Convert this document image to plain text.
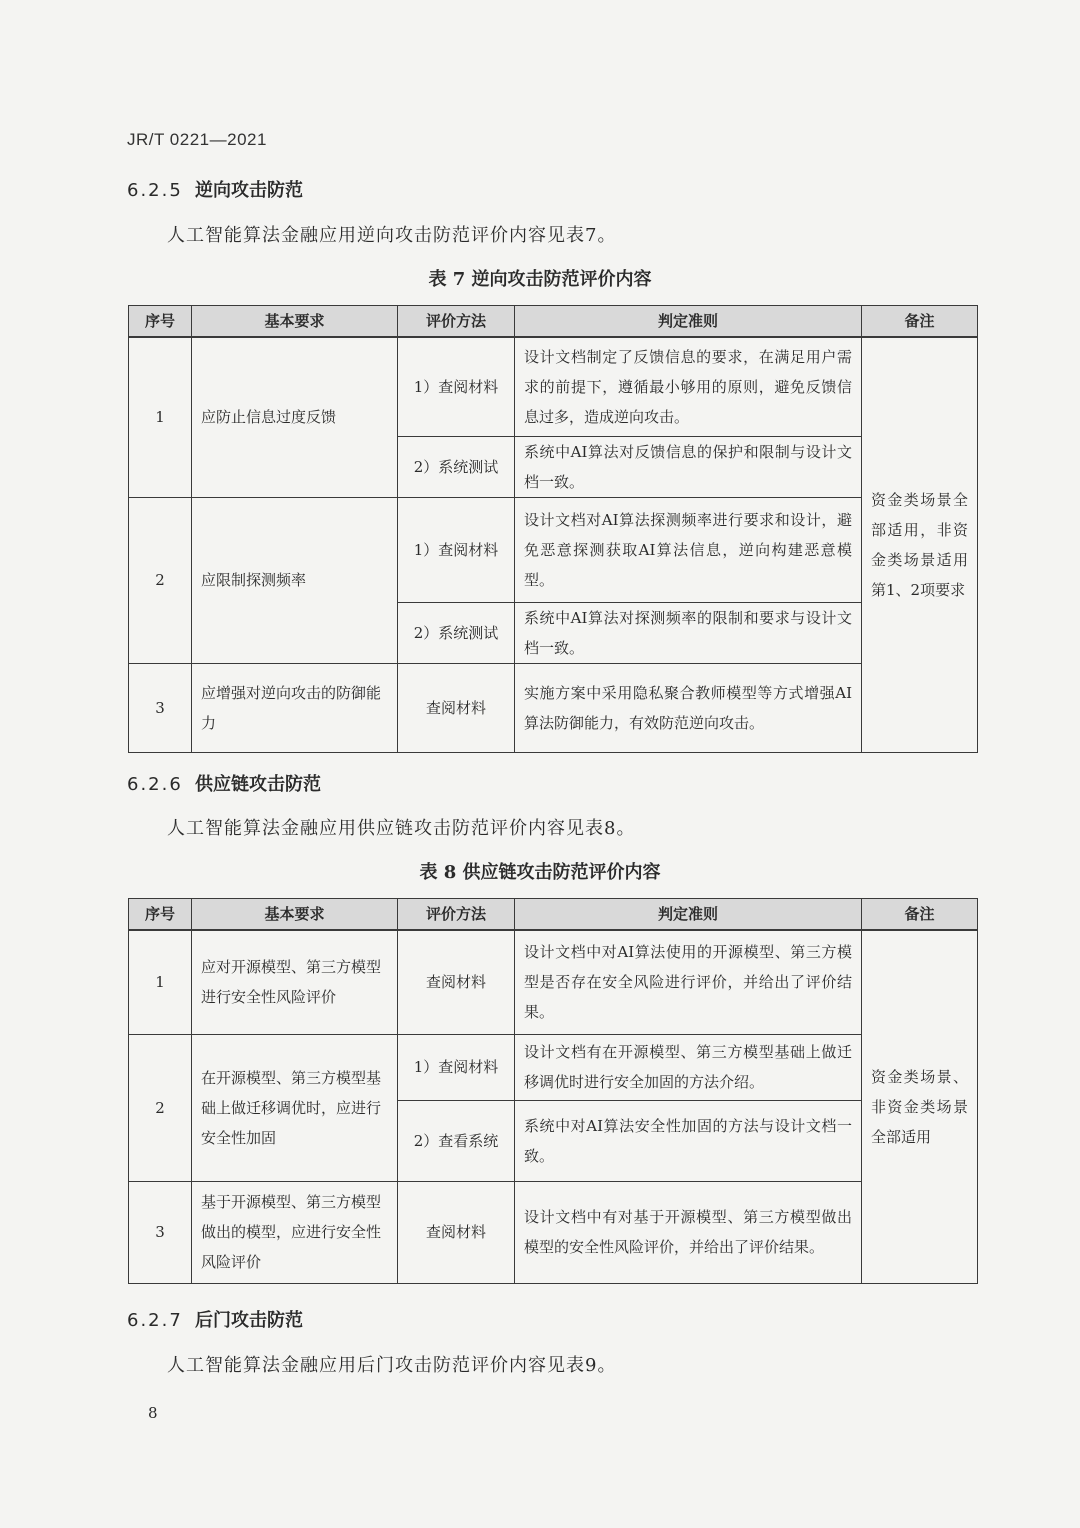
JR/T 0221—2021
6.2.5 逆向攻击防范
人工智能算法金融应用逆向攻击防范评价内容见表7。
表 7 逆向攻击防范评价内容
序号	基本要求	评价方法	判定准则	备注
1	应防止信息过度反馈	1）查阅材料	设计文档制定了反馈信息的要求，在满足用户需求的前提下，遵循最小够用的原则，避免反馈信息过多，造成逆向攻击。	资金类场景全部适用，非资金类场景适用第1、2项要求
		2）系统测试	系统中AI算法对反馈信息的保护和限制与设计文档一致。	
2	应限制探测频率	1）查阅材料	设计文档对AI算法探测频率进行要求和设计，避免恶意探测获取AI算法信息，逆向构建恶意模型。	
		2）系统测试	系统中AI算法对探测频率的限制和要求与设计文档一致。	
3	应增强对逆向攻击的防御能力	查阅材料	实施方案中采用隐私聚合教师模型等方式增强AI算法防御能力，有效防范逆向攻击。	
6.2.6 供应链攻击防范
人工智能算法金融应用供应链攻击防范评价内容见表8。
表 8 供应链攻击防范评价内容
序号	基本要求	评价方法	判定准则	备注
1	应对开源模型、第三方模型进行安全性风险评价	查阅材料	设计文档中对AI算法使用的开源模型、第三方模型是否存在安全风险进行评价，并给出了评价结果。	资金类场景、非资金类场景全部适用
2	在开源模型、第三方模型基础上做迁移调优时，应进行安全性加固	1）查阅材料	设计文档有在开源模型、第三方模型基础上做迁移调优时进行安全加固的方法介绍。	
		2）查看系统	系统中对AI算法安全性加固的方法与设计文档一致。	
3	基于开源模型、第三方模型做出的模型，应进行安全性风险评价	查阅材料	设计文档中有对基于开源模型、第三方模型做出模型的安全性风险评价，并给出了评价结果。	
6.2.7 后门攻击防范
人工智能算法金融应用后门攻击防范评价内容见表9。
8
